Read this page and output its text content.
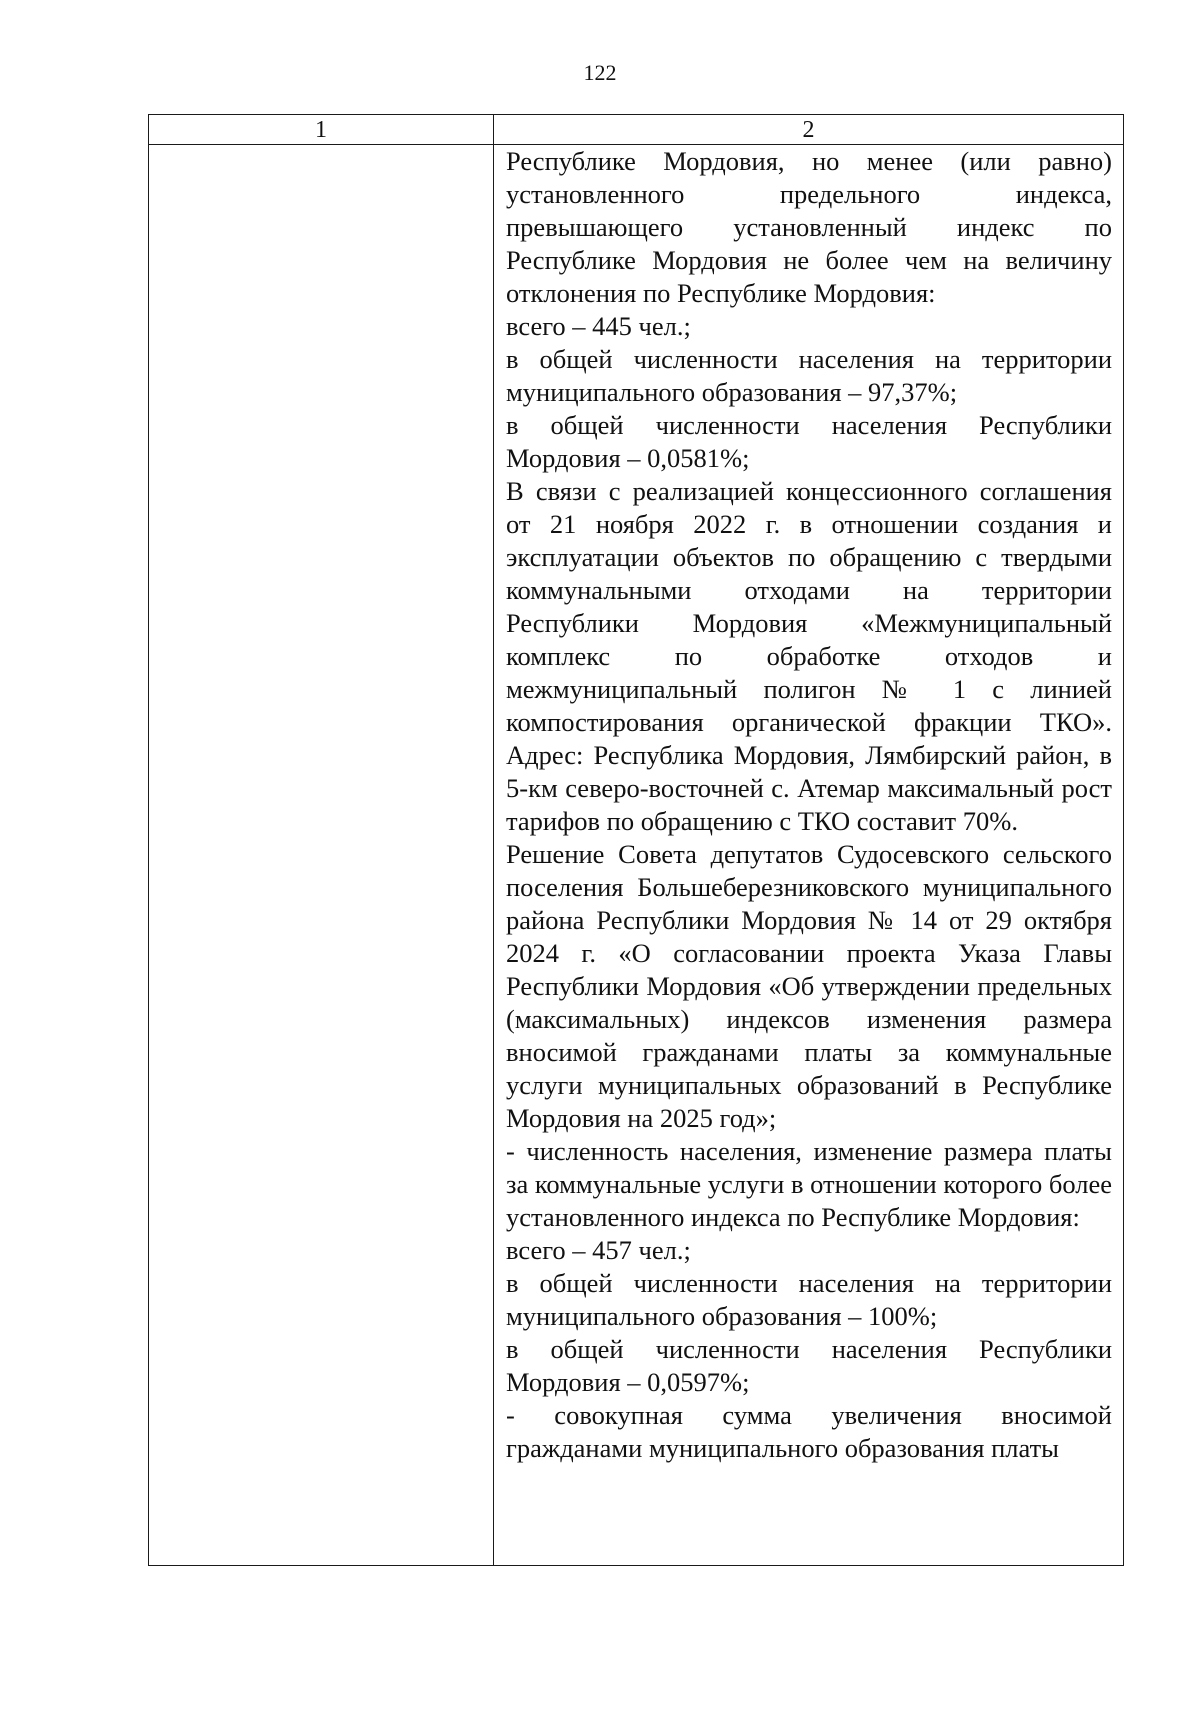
122
1	2

Республике Мордовия, но менее (или равно) установленного предельного индекса, превышающего установленный индекс по Республике Мордовия не более чем на величину отклонения по Республике Мордовия:

всего – 445 чел.;

в общей численности населения на территории муниципального образования – 97,37%;

в общей численности населения Республики Мордовия – 0,0581%;

В связи с реализацией концессионного соглашения от 21 ноября 2022 г. в отношении создания и эксплуатации объектов по обращению с твердыми коммунальными отходами на территории Республики Мордовия «Межмуниципальный комплекс по обработке отходов и межмуниципальный полигон № 1 с линией компостирования органической фракции ТКО». Адрес: Республика Мордовия, Лямбирский район, в 5-км северо-восточней с. Атемар максимальный рост тарифов по обращению с ТКО составит 70%.

Решение Совета депутатов Судосевского сельского поселения Большеберезниковского муниципального района Республики Мордовия № 14 от 29 октября 2024 г. «О согласовании проекта Указа Главы Республики Мордовия «Об утверждении предельных (максимальных) индексов изменения размера вносимой гражданами платы за коммунальные услуги муниципальных образований в Республике Мордовия на 2025 год»;

- численность населения, изменение размера платы за коммунальные услуги в отношении которого более установленного индекса по Республике Мордовия:

всего – 457 чел.;

в общей численности населения на территории муниципального образования – 100%;

в общей численности населения Республики Мордовия – 0,0597%;

- совокупная сумма увеличения вносимой гражданами муниципального образования платы
